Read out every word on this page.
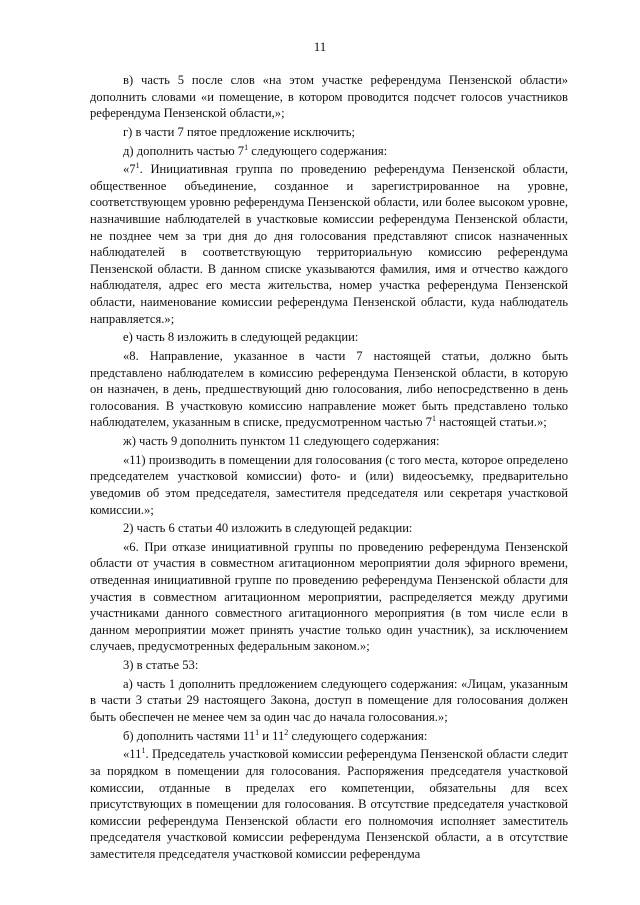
11

в) часть 5 после слов «на этом участке референдума Пензенской области» дополнить словами «и помещение, в котором проводится подсчет голосов участников референдума Пензенской области,»;

г) в части 7 пятое предложение исключить;

д) дополнить частью $7^1$ следующего содержания:

«$7^1$. Инициативная группа по проведению референдума Пензенской области, общественное объединение, созданное и зарегистрированное на уровне, соответствующем уровню референдума Пензенской области, или более высоком уровне, назначившие наблюдателей в участковые комиссии референдума Пензенской области, не позднее чем за три дня до дня голосования представляют список назначенных наблюдателей в соответствующую территориальную комиссию референдума Пензенской области. В данном списке указываются фамилия, имя и отчество каждого наблюдателя, адрес его места жительства, номер участка референдума Пензенской области, наименование комиссии референдума Пензенской области, куда наблюдатель направляется.»;

е) часть 8 изложить в следующей редакции:

«8. Направление, указанное в части 7 настоящей статьи, должно быть представлено наблюдателем в комиссию референдума Пензенской области, в которую он назначен, в день, предшествующий дню голосования, либо непосредственно в день голосования. В участковую комиссию направление может быть представлено только наблюдателем, указанным в списке, предусмотренном частью $7^1$ настоящей статьи.»;

ж) часть 9 дополнить пунктом 11 следующего содержания:

«11) производить в помещении для голосования (с того места, которое определено председателем участковой комиссии) фото- и (или) видеосъемку, предварительно уведомив об этом председателя, заместителя председателя или секретаря участковой комиссии.»;

2) часть 6 статьи 40 изложить в следующей редакции:

«6. При отказе инициативной группы по проведению референдума Пензенской области от участия в совместном агитационном мероприятии доля эфирного времени, отведенная инициативной группе по проведению референдума Пензенской области для участия в совместном агитационном мероприятии, распределяется между другими участниками данного совместного агитационного мероприятия (в том числе если в данном мероприятии может принять участие только один участник), за исключением случаев, предусмотренных федеральным законом.»;

3) в статье 53:

а) часть 1 дополнить предложением следующего содержания: «Лицам, указанным в части 3 статьи 29 настоящего Закона, доступ в помещение для голосования должен быть обеспечен не менее чем за один час до начала голосования.»;

б) дополнить частями $11^1$ и $11^2$ следующего содержания:

«$11^1$. Председатель участковой комиссии референдума Пензенской области следит за порядком в помещении для голосования. Распоряжения председателя участковой комиссии, отданные в пределах его компетенции, обязательны для всех присутствующих в помещении для голосования. В отсутствие председателя участковой комиссии референдума Пензенской области его полномочия исполняет заместитель председателя участковой комиссии референдума Пензенской области, а в отсутствие заместителя председателя участковой комиссии референдума
